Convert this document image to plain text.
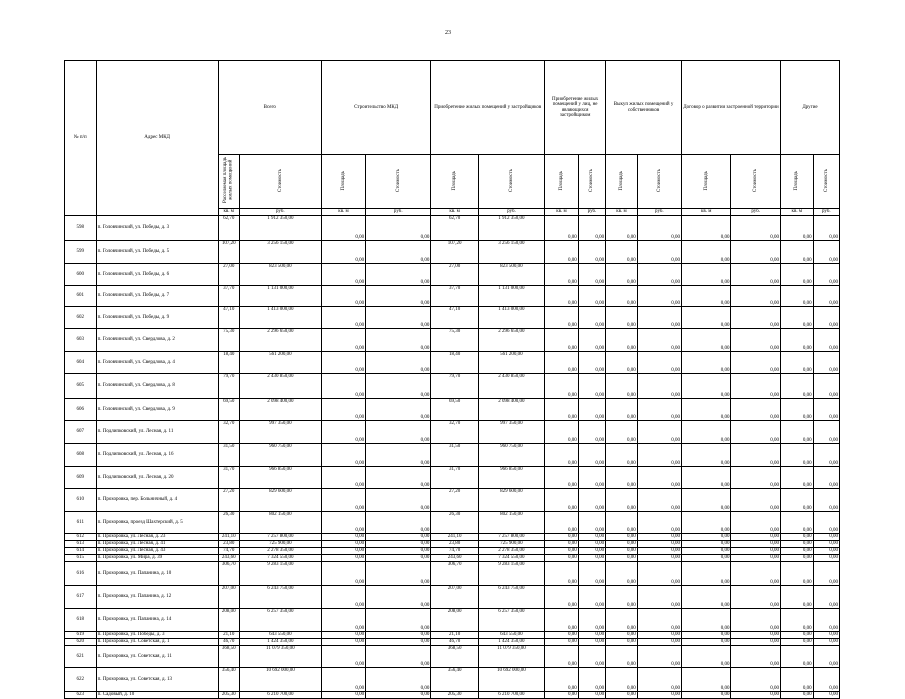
23
№ п/п	Адрес МКД	Всего		Строительство МКД		Приобретение жилых помещений у застройщиков		Приобретение жилых помещений у лиц, не являющихся застройщиком		Выкуп жилых помещений у собственников		Договор о развитии застроенной территории		Другие	
		Расселяемая площадь жилых помещений	Стоимость	Площадь	Стоимость	Площадь	Стоимость	Площадь	Стоимость	Площадь	Стоимость	Площадь	Стоимость	Площадь	Стоимость
		кв. м	руб.	кв. м	руб.	кв. м	руб.	кв. м	руб.	кв. м	руб.	кв. м	руб.	кв. м	руб.
598	п. Головчинский, ул. Победы, д. 3	62,70	1 912 350,00	0,00	0,00	62,70	1 912 350,00	0,00	0,00	0,00	0,00	0,00	0,00	0,00	0,00
599	п. Головчинский, ул. Победы, д. 5	107,20	3 256 150,00	0,00	0,00	107,20	3 256 150,00	0,00	0,00	0,00	0,00	0,00	0,00	0,00	0,00
600	п. Головчинский, ул. Победы, д. 6	27,00	823 500,00	0,00	0,00	27,00	823 500,00	0,00	0,00	0,00	0,00	0,00	0,00	0,00	0,00
601	п. Головчинский, ул. Победы, д. 7	37,70	1 131 000,00	0,00	0,00	37,70	1 131 000,00	0,00	0,00	0,00	0,00	0,00	0,00	0,00	0,00
602	п. Головчинский, ул. Победы, д. 9	47,10	1 413 000,00	0,00	0,00	47,10	1 413 000,00	0,00	0,00	0,00	0,00	0,00	0,00	0,00	0,00
603	п. Головчинский, ул. Свердлова, д. 2	75,30	2 296 650,00	0,00	0,00	75,30	2 296 650,00	0,00	0,00	0,00	0,00	0,00	0,00	0,00	0,00
604	п. Головчинский, ул. Свердлова, д. 4	18,40	561 200,00	0,00	0,00	18,40	561 200,00	0,00	0,00	0,00	0,00	0,00	0,00	0,00	0,00
605	п. Головчинский, ул. Свердлова, д. 8	79,70	2 430 850,00	0,00	0,00	79,70	2 430 850,00	0,00	0,00	0,00	0,00	0,00	0,00	0,00	0,00
606	п. Головчинский, ул. Свердлова, д. 9	69,50	2 098 400,00	0,00	0,00	69,50	2 098 400,00	0,00	0,00	0,00	0,00	0,00	0,00	0,00	0,00
607	п. Подлипковский, ул. Лесная, д. 11	32,70	997 350,00	0,00	0,00	32,70	997 350,00	0,00	0,00	0,00	0,00	0,00	0,00	0,00	0,00
608	п. Подлипковский, ул. Лесная, д. 16	31,50	960 750,00	0,00	0,00	31,50	960 750,00	0,00	0,00	0,00	0,00	0,00	0,00	0,00	0,00
609	п. Подлипковский, ул. Лесная, д. 20	31,70	966 850,00	0,00	0,00	31,70	966 850,00	0,00	0,00	0,00	0,00	0,00	0,00	0,00	0,00
610	п. Прохоровка, пер. Больничный, д. 4	27,20	829 600,00	0,00	0,00	27,20	829 600,00	0,00	0,00	0,00	0,00	0,00	0,00	0,00	0,00
611	п. Прохоровка, проезд Шахтерский, д. 5	26,30	802 150,00	0,00	0,00	26,30	802 150,00	0,00	0,00	0,00	0,00	0,00	0,00	0,00	0,00
612	п. Прохоровка, ул. Лесная, д. 23	241,10	7 257 800,00	0,00	0,00	241,10	7 257 800,00	0,00	0,00	0,00	0,00	0,00	0,00	0,00	0,00
613	п. Прохоровка, ул. Лесная, д. 41	23,80	725 900,00	0,00	0,00	23,80	725 900,00	0,00	0,00	0,00	0,00	0,00	0,00	0,00	0,00
614	п. Прохоровка, ул. Лесная, д. 43	74,70	2 278 350,00	0,00	0,00	74,70	2 278 350,00	0,00	0,00	0,00	0,00	0,00	0,00	0,00	0,00
615	п. Прохоровка, ул. Мира, д. 39	243,60	7 324 550,00	0,00	0,00	243,60	7 324 550,00	0,00	0,00	0,00	0,00	0,00	0,00	0,00	0,00
616	п. Прохоровка, ул. Папанина, д. 10	306,70	9 283 150,00	0,00	0,00	306,70	9 283 150,00	0,00	0,00	0,00	0,00	0,00	0,00	0,00	0,00
617	п. Прохоровка, ул. Папанина, д. 12	207,00	6 243 750,00	0,00	0,00	207,00	6 243 750,00	0,00	0,00	0,00	0,00	0,00	0,00	0,00	0,00
618	п. Прохоровка, ул. Папанина, д. 14	208,00	6 257 350,00	0,00	0,00	208,00	6 257 350,00	0,00	0,00	0,00	0,00	0,00	0,00	0,00	0,00
619	п. Прохоровка, ул. Победы, д. 3	21,10	643 550,00	0,00	0,00	21,10	643 550,00	0,00	0,00	0,00	0,00	0,00	0,00	0,00	0,00
620	п. Прохоровка, ул. Советская, д. 1	46,70	1 424 350,00	0,00	0,00	46,70	1 424 350,00	0,00	0,00	0,00	0,00	0,00	0,00	0,00	0,00
621	п. Прохоровка, ул. Советская, д. 11	368,50	11 079 350,00	0,00	0,00	368,50	11 079 350,00	0,00	0,00	0,00	0,00	0,00	0,00	0,00	0,00
622	п. Прохоровка, ул. Советская, д. 13	356,40	10 692 000,00	0,00	0,00	356,40	10 692 000,00	0,00	0,00	0,00	0,00	0,00	0,00	0,00	0,00
623	п. Садовый, д. 10	205,30	6 210 700,00	0,00	0,00	205,30	6 210 700,00	0,00	0,00	0,00	0,00	0,00	0,00	0,00	0,00
